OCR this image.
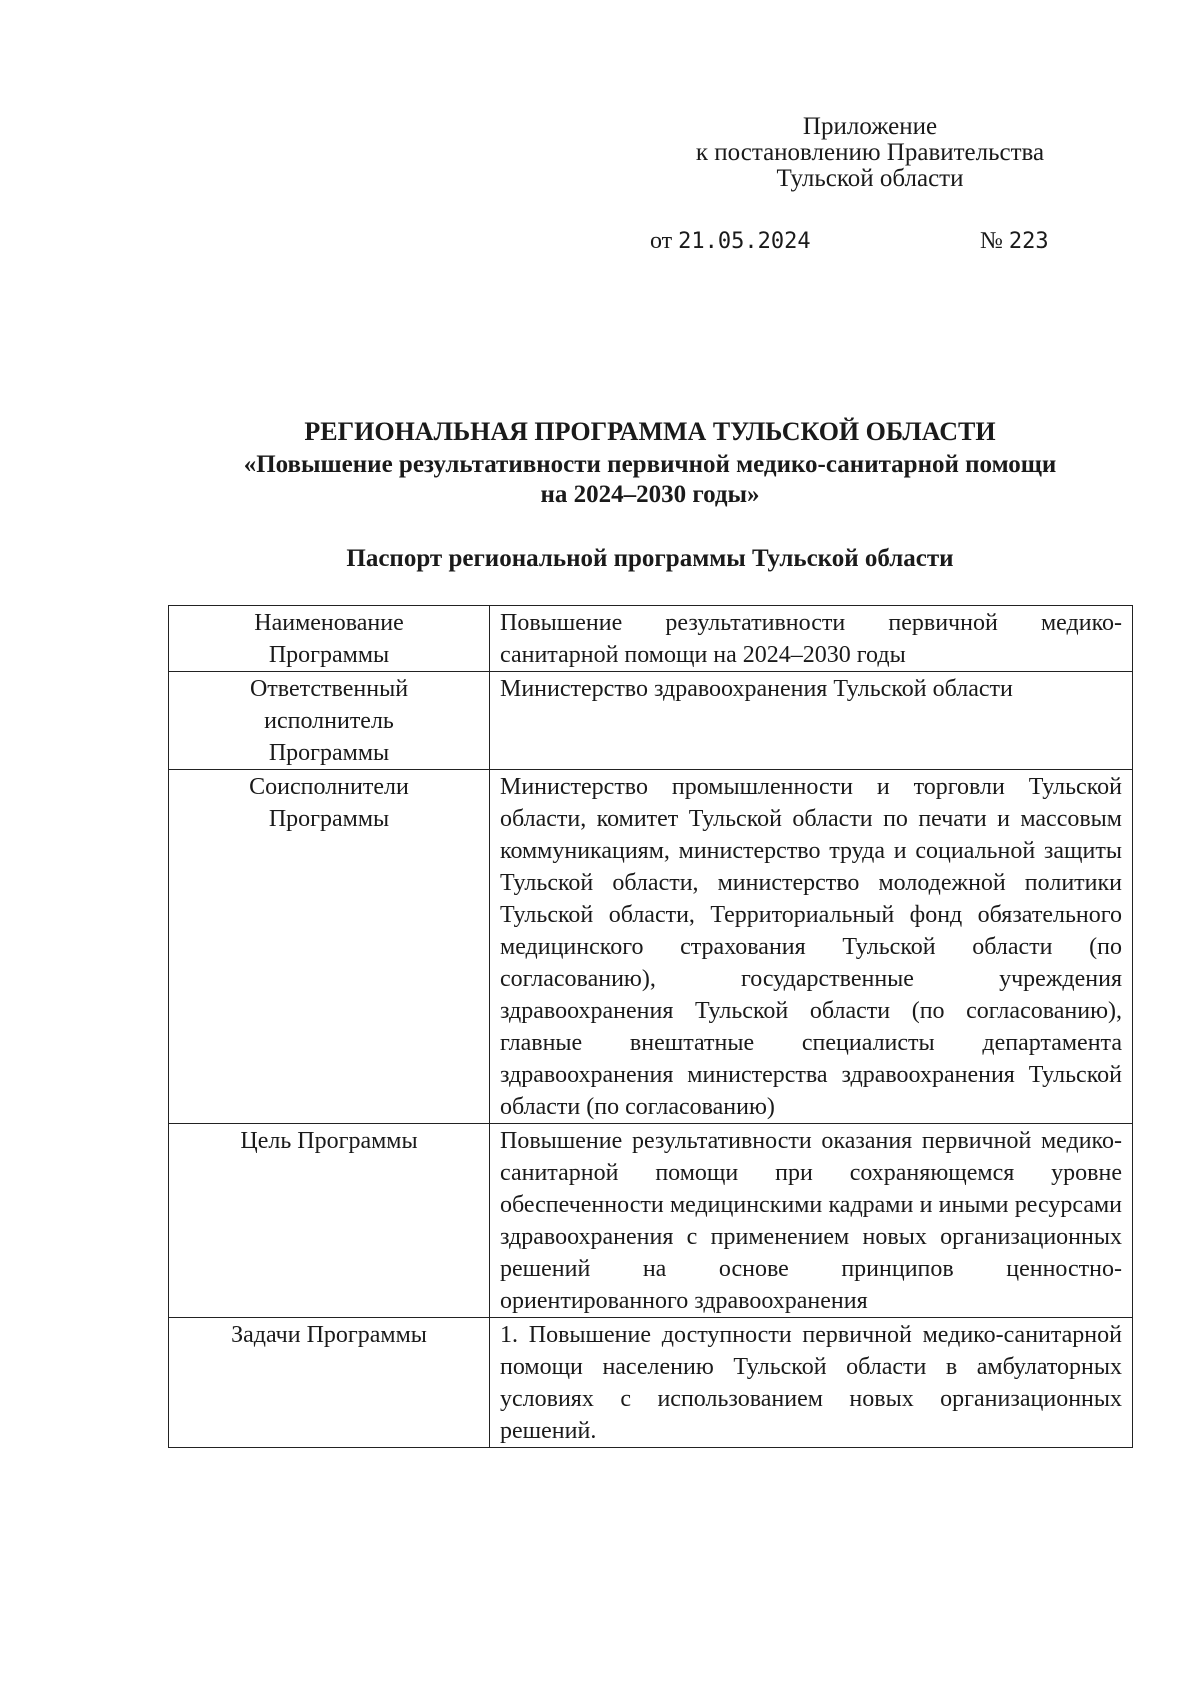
Приложение
к постановлению Правительства
Тульской области
от 21.05.2024	№ 223
РЕГИОНАЛЬНАЯ ПРОГРАММА ТУЛЬСКОЙ ОБЛАСТИ
«Повышение результативности первичной медико-санитарной помощи
на 2024–2030 годы»
Паспорт региональной программы Тульской области
Наименование
Программы	Повышение результативности первичной медико-санитарной помощи на 2024–2030 годы

Ответственный
исполнитель
Программы	Министерство здравоохранения Тульской области

Соисполнители
Программы	Министерство промышленности и торговли Тульской области, комитет Тульской области по печати и массовым коммуникациям, министерство труда и социальной защиты Тульской области, министерство молодежной политики Тульской области, Территориальный фонд обязательного медицинского страхования Тульской области (по согласованию), государственные учреждения здравоохранения Тульской области (по согласованию), главные внештатные специалисты департамента здравоохранения министерства здравоохранения Тульской области (по согласованию)

Цель Программы	Повышение результативности оказания первичной медико-санитарной помощи при сохраняющемся уровне обеспеченности медицинскими кадрами и иными ресурсами здравоохранения с применением новых организационных решений на основе принципов ценностно-ориентированного здравоохранения

Задачи Программы	1. Повышение доступности первичной медико-санитарной помощи населению Тульской области в амбулаторных условиях с использованием новых организационных решений.
